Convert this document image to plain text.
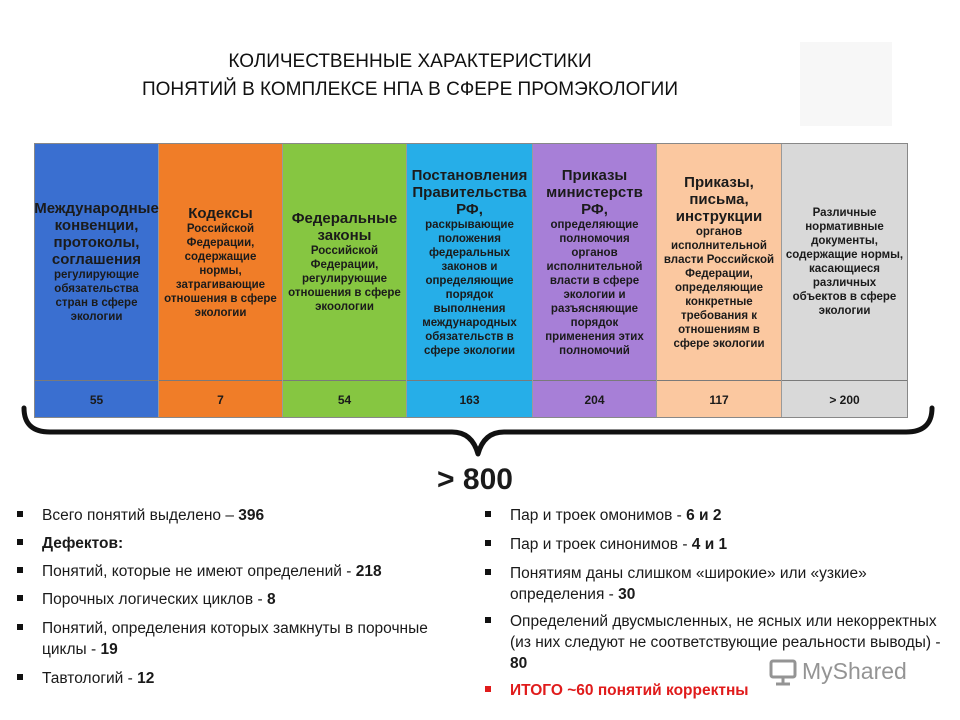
КОЛИЧЕСТВЕННЫЕ ХАРАКТЕРИСТИКИ
ПОНЯТИЙ В КОМПЛЕКСЕ НПА В СФЕРЕ ПРОМЭКОЛОГИИ
Международные конвенции, протоколы, соглашения
регулирующие обязательства стран в сфере экологии
55
Кодексы
Российской Федерации, содержащие нормы, затрагивающие отношения в сфере экологии
7
Федеральные законы
Российской Федерации, регулирующие отношения в сфере экоологии
54
Постановления Правительства РФ,
раскрывающие положения федеральных законов и определяющие порядок выполнения международных обязательств в сфере экологии
163
Приказы министерств РФ,
определяющие полномочия органов исполнительной власти в сфере экологии и разъясняющие порядок применения этих полномочий
204
Приказы, письма, инструкции
органов исполнительной власти Российской Федерации, определяющие конкретные требования к отношениям в сфере экологии
117
Различные нормативные документы, содержащие нормы, касающиеся различных объектов в сфере экологии
> 200
> 800
Всего понятий выделено – 396
Дефектов:
Понятий, которые не имеют определений - 218
Порочных логических циклов - 8
Понятий, определения которых замкнуты в порочные циклы - 19
Тавтологий - 12
Пар и троек омонимов - 6 и 2
Пар и троек синонимов - 4 и 1
Понятиям даны слишком «широкие» или «узкие» определения - 30
Определений двусмысленных, не ясных или некорректных (из них следуют не соответствующие реальности выводы) - 80
ИТОГО ~60 понятий корректны
MyShared
